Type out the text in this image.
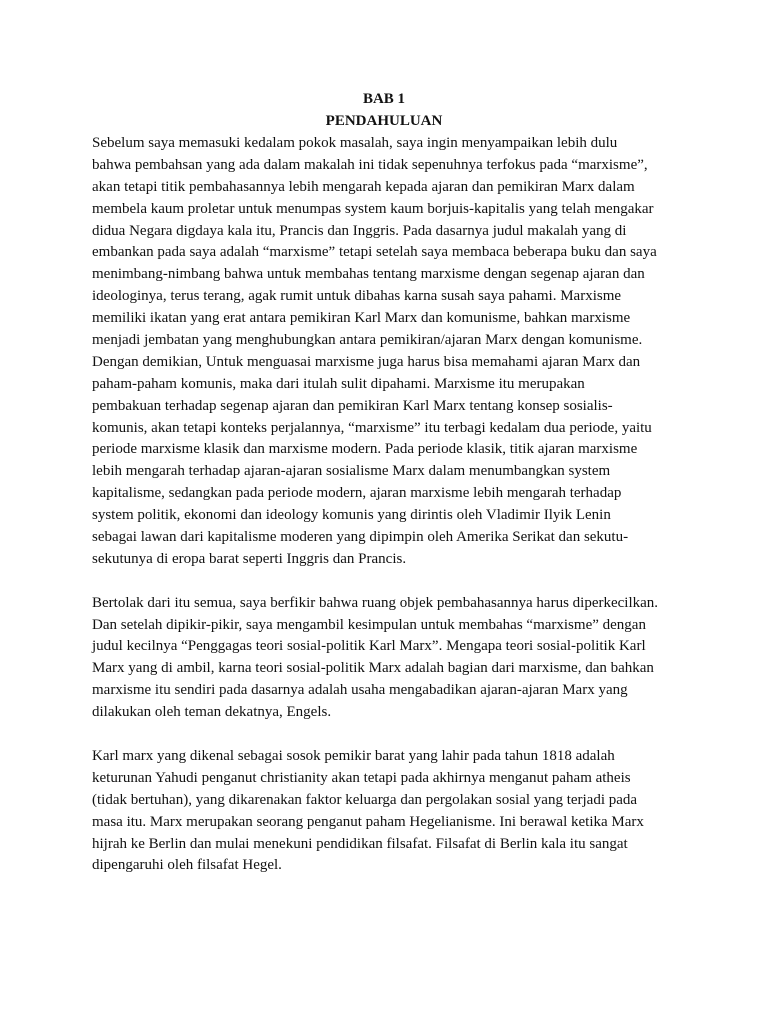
BAB 1
PENDAHULUAN
Sebelum saya memasuki kedalam pokok masalah, saya ingin menyampaikan lebih dulu
bahwa pembahsan yang ada dalam makalah ini tidak sepenuhnya terfokus pada “marxisme”,
akan tetapi titik pembahasannya lebih mengarah kepada ajaran dan pemikiran Marx dalam
membela kaum proletar untuk menumpas system kaum borjuis-kapitalis yang telah mengakar
didua Negara digdaya kala itu, Prancis dan Inggris. Pada dasarnya judul makalah yang di
embankan pada saya adalah “marxisme” tetapi setelah saya membaca beberapa buku dan saya
menimbang-nimbang bahwa untuk membahas tentang marxisme dengan segenap ajaran dan
ideologinya, terus terang, agak rumit untuk dibahas karna susah saya pahami. Marxisme
memiliki ikatan yang erat antara pemikiran Karl Marx dan komunisme, bahkan marxisme
menjadi jembatan yang menghubungkan antara pemikiran/ajaran Marx dengan komunisme.
Dengan demikian, Untuk menguasai marxisme juga harus bisa memahami ajaran Marx dan
paham-paham komunis, maka dari itulah sulit dipahami. Marxisme itu merupakan
pembakuan terhadap segenap ajaran dan pemikiran Karl Marx tentang konsep sosialis-
komunis, akan tetapi konteks perjalannya, “marxisme” itu terbagi kedalam dua periode, yaitu
periode marxisme klasik dan marxisme modern. Pada periode klasik, titik ajaran marxisme
lebih mengarah terhadap ajaran-ajaran sosialisme Marx dalam menumbangkan system
kapitalisme, sedangkan pada periode modern, ajaran marxisme lebih mengarah terhadap
system politik, ekonomi dan ideology komunis yang dirintis oleh Vladimir Ilyik Lenin
sebagai lawan dari kapitalisme moderen yang dipimpin oleh Amerika Serikat dan sekutu-
sekutunya di eropa barat seperti Inggris dan Prancis.
Bertolak dari itu semua, saya berfikir bahwa ruang objek pembahasannya harus diperkecilkan.
Dan setelah dipikir-pikir, saya mengambil kesimpulan untuk membahas “marxisme” dengan
judul kecilnya “Penggagas teori sosial-politik Karl Marx”. Mengapa teori sosial-politik Karl
Marx yang di ambil, karna teori sosial-politik Marx adalah bagian dari marxisme, dan bahkan
marxisme itu sendiri pada dasarnya adalah usaha mengabadikan ajaran-ajaran Marx yang
dilakukan oleh teman dekatnya, Engels.
Karl marx yang dikenal sebagai sosok pemikir barat yang lahir pada tahun 1818 adalah
keturunan Yahudi penganut christianity akan tetapi pada akhirnya menganut paham atheis
(tidak bertuhan), yang dikarenakan faktor keluarga dan pergolakan sosial yang terjadi pada
masa itu. Marx merupakan seorang penganut paham Hegelianisme. Ini berawal ketika Marx
hijrah ke Berlin dan mulai menekuni pendidikan filsafat. Filsafat di Berlin kala itu sangat
dipengaruhi oleh filsafat Hegel.
